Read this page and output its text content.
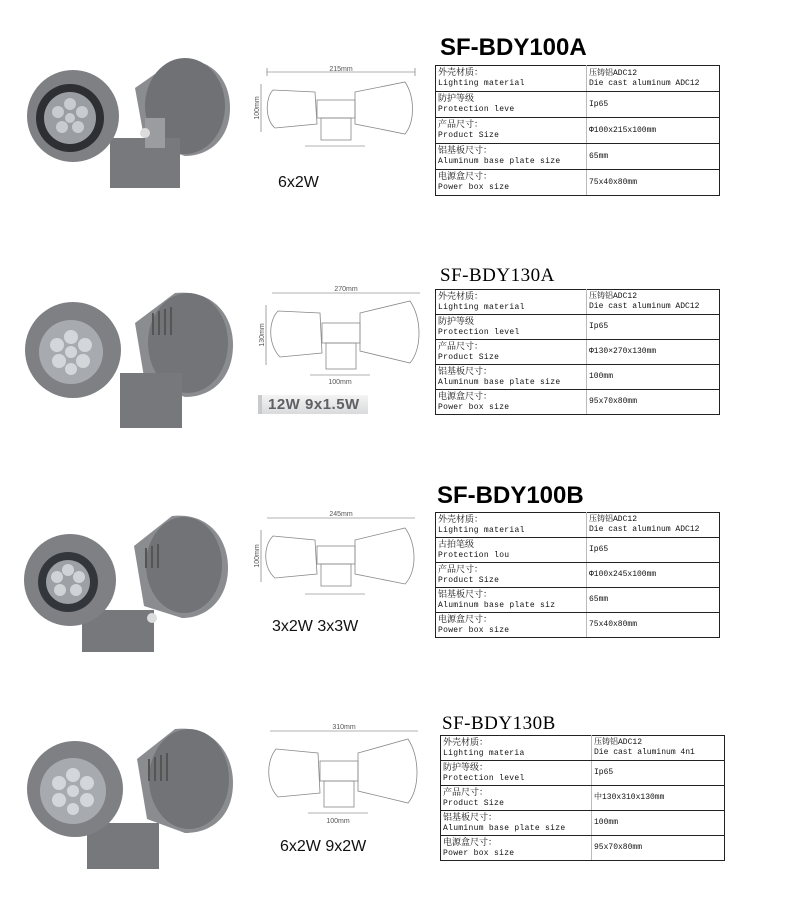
215mm
100mm
6x2W
SF-BDY100A
外壳材质：
Lighting material	压铸铝ADC12
Die cast aluminum ADC12

防护等级
Protection leve	Ip65

产品尺寸：
Product Size	Φ100x215x100mm

铝基板尺寸：
Aluminum base plate size	65mm

电源盒尺寸：
Power box size	75x40x80mm
270mm
130mm
100mm
12W 9x1.5W
SF-BDY130A
外壳材质：
Lighting material	压铸铝ADC12
Die cast aluminum ADC12

防护等级
Protection level	Ip65

产品尺寸：
Product Size	Φ130×270x130mm

铝基板尺寸：
Aluminum base plate size	100mm

电源盒尺寸：
Power box size	95x70x80mm
245mm
100mm
3x2W 3x3W
SF-BDY100B
外壳材质：
Lighting material	压铸铝ADC12
Die cast aluminum ADC12

古拍笔级
Protection lou	Ip65

产品尺寸：
Product Size	Φ100x245x100mm

铝基板尺寸：
Aluminum base plate siz	65mm

电源盒尺寸：
Power box size	75x40x80mm
310mm
100mm
6x2W 9x2W
SF-BDY130B
外壳材质：
Lighting materia	压铸铝ADC12
Die cast aluminum 4n1

防护等级：
Protection level	Ip65

产品尺寸：
Product Size	中130x310x130mm

铝基板尺寸：
Aluminum base plate size	100mm

电源盒尺寸：
Power box size	95x70x80mm
